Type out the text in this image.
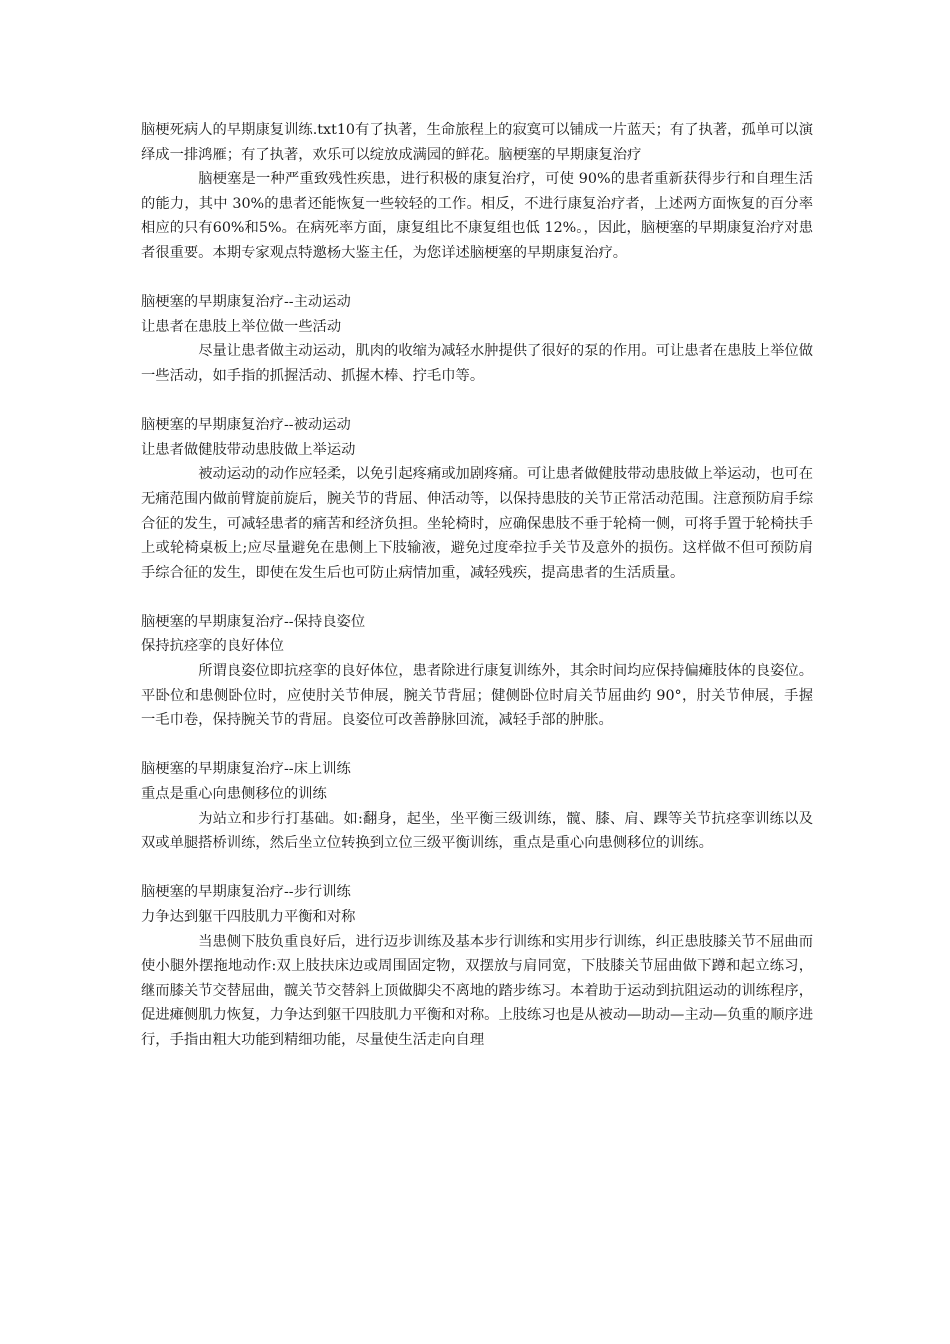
脑梗死病人的早期康复训练.txt10有了执著，生命旅程上的寂寞可以铺成一片蓝天；有了执著，孤单可以演绎成一排鸿雁；有了执著，欢乐可以绽放成满园的鲜花。脑梗塞的早期康复治疗

脑梗塞是一种严重致残性疾患，进行积极的康复治疗，可使 90%的患者重新获得步行和自理生活的能力，其中 30%的患者还能恢复一些较轻的工作。相反，不进行康复治疗者，上述两方面恢复的百分率相应的只有60%和5%。在病死率方面，康复组比不康复组也低 12%。，因此，脑梗塞的早期康复治疗对患者很重要。本期专家观点特邀杨大鉴主任，为您详述脑梗塞的早期康复治疗。

脑梗塞的早期康复治疗--主动运动

让患者在患肢上举位做一些活动

尽量让患者做主动运动，肌肉的收缩为减轻水肿提供了很好的泵的作用。可让患者在患肢上举位做一些活动，如手指的抓握活动、抓握木棒、拧毛巾等。

脑梗塞的早期康复治疗--被动运动

让患者做健肢带动患肢做上举运动

被动运动的动作应轻柔，以免引起疼痛或加剧疼痛。可让患者做健肢带动患肢做上举运动，也可在无痛范围内做前臂旋前旋后，腕关节的背屈、伸活动等，以保持患肢的关节正常活动范围。注意预防肩手综合征的发生，可减轻患者的痛苦和经济负担。坐轮椅时，应确保患肢不垂于轮椅一侧，可将手置于轮椅扶手上或轮椅桌板上;应尽量避免在患侧上下肢输液，避免过度牵拉手关节及意外的损伤。这样做不但可预防肩手综合征的发生，即使在发生后也可防止病情加重，减轻残疾，提高患者的生活质量。

脑梗塞的早期康复治疗--保持良姿位

保持抗痉挛的良好体位

所谓良姿位即抗痉挛的良好体位，患者除进行康复训练外，其余时间均应保持偏瘫肢体的良姿位。平卧位和患侧卧位时，应使肘关节伸展，腕关节背屈；健侧卧位时肩关节屈曲约 90°，肘关节伸展，手握一毛巾卷，保持腕关节的背屈。良姿位可改善静脉回流，减轻手部的肿胀。

脑梗塞的早期康复治疗--床上训练

重点是重心向患侧移位的训练

为站立和步行打基础。如:翻身，起坐，坐平衡三级训练，髋、膝、肩、踝等关节抗痉挛训练以及双或单腿搭桥训练，然后坐立位转换到立位三级平衡训练，重点是重心向患侧移位的训练。

脑梗塞的早期康复治疗--步行训练

力争达到躯干四肢肌力平衡和对称

当患侧下肢负重良好后，进行迈步训练及基本步行训练和实用步行训练，纠正患肢膝关节不屈曲而使小腿外摆拖地动作:双上肢扶床边或周围固定物，双摆放与肩同宽，下肢膝关节屈曲做下蹲和起立练习，继而膝关节交替屈曲，髋关节交替斜上顶做脚尖不离地的踏步练习。本着助于运动到抗阻运动的训练程序，促进瘫侧肌力恢复，力争达到躯干四肢肌力平衡和对称。上肢练习也是从被动—助动—主动—负重的顺序进行，手指由粗大功能到精细功能，尽量使生活走向自理
